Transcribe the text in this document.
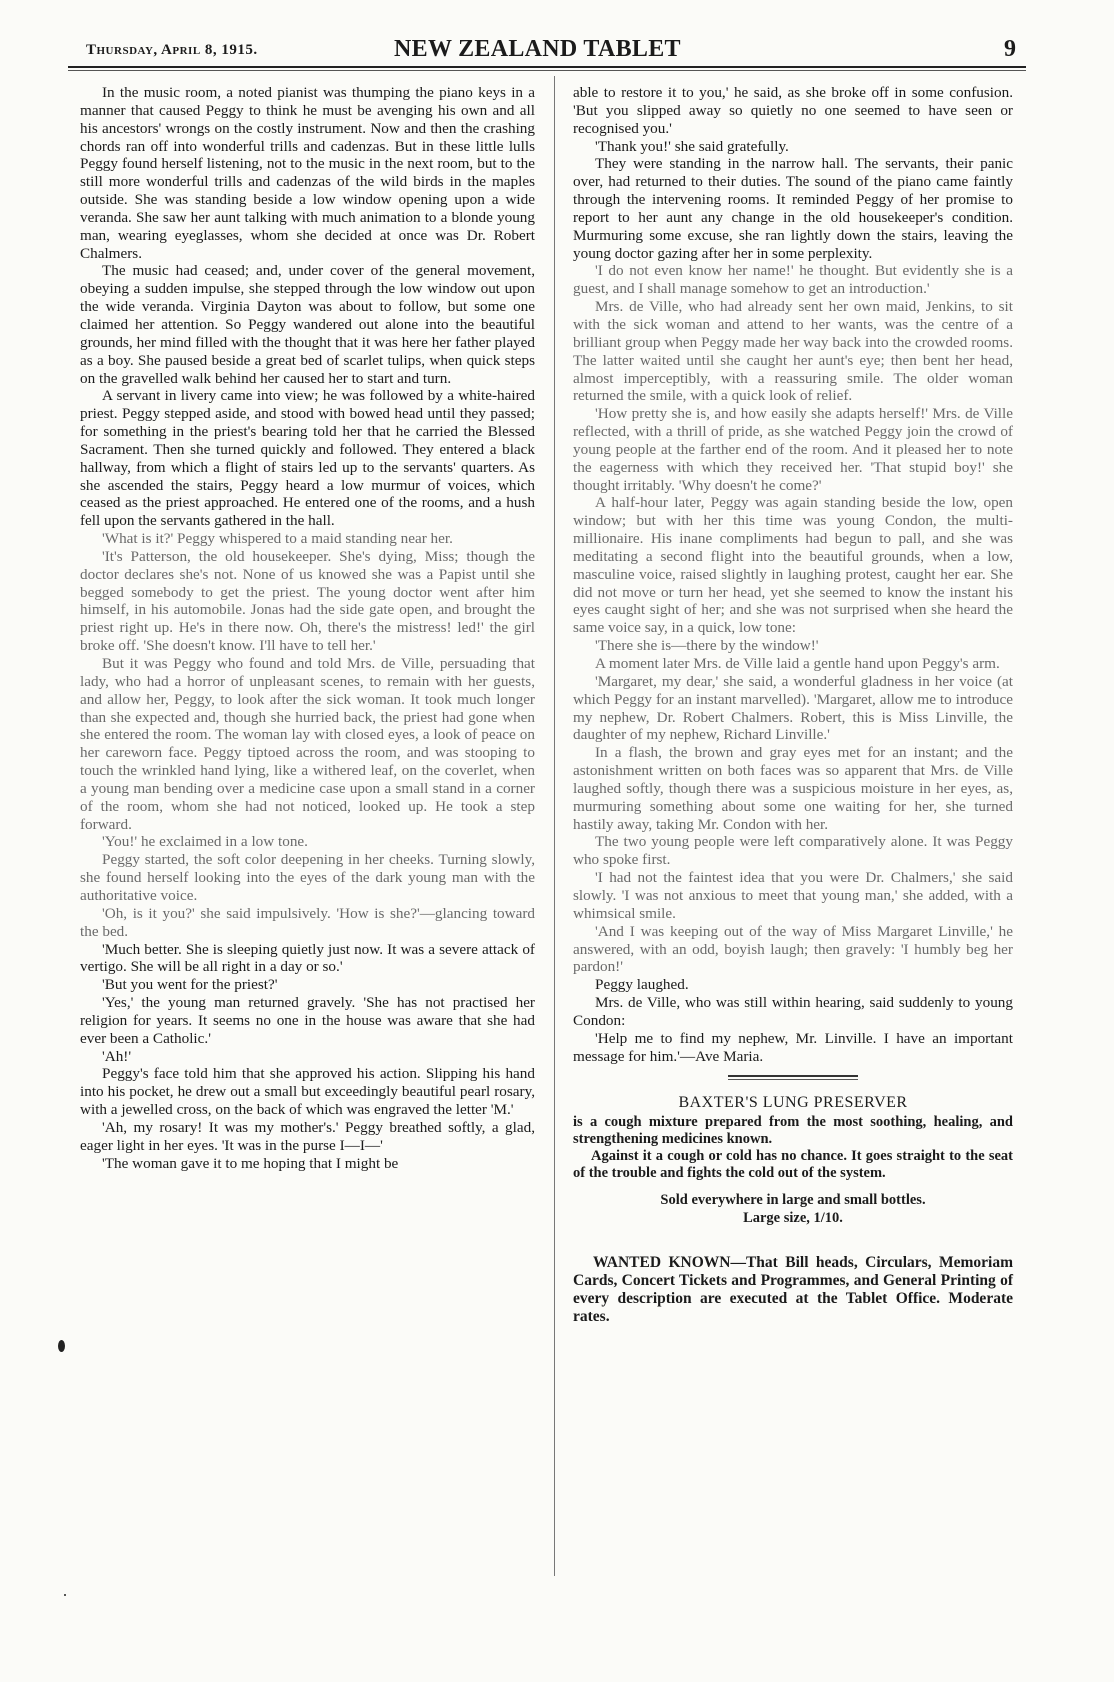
Thursday, April 8, 1915.	NEW ZEALAND TABLET	9

In the music room, a noted pianist was thumping the piano keys in a manner that caused Peggy to think he must be avenging his own and all his ancestors' wrongs on the costly instrument. Now and then the crashing chords ran off into wonderful trills and cadenzas. But in these little lulls Peggy found herself listening, not to the music in the next room, but to the still more wonderful trills and cadenzas of the wild birds in the maples outside. She was standing beside a low window opening upon a wide veranda. She saw her aunt talking with much animation to a blonde young man, wearing eyeglasses, whom she decided at once was Dr. Robert Chalmers.

The music had ceased; and, under cover of the general movement, obeying a sudden impulse, she stepped through the low window out upon the wide veranda. Virginia Dayton was about to follow, but some one claimed her attention. So Peggy wandered out alone into the beautiful grounds, her mind filled with the thought that it was here her father played as a boy. She paused beside a great bed of scarlet tulips, when quick steps on the gravelled walk behind her caused her to start and turn.

A servant in livery came into view; he was followed by a white-haired priest. Peggy stepped aside, and stood with bowed head until they passed; for something in the priest's bearing told her that he carried the Blessed Sacrament. Then she turned quickly and followed. They entered a black hallway, from which a flight of stairs led up to the servants' quarters. As she ascended the stairs, Peggy heard a low murmur of voices, which ceased as the priest approached. He entered one of the rooms, and a hush fell upon the servants gathered in the hall.

'What is it?' Peggy whispered to a maid standing near her.

'It's Patterson, the old housekeeper. She's dying, Miss; though the doctor declares she's not. None of us knowed she was a Papist until she begged somebody to get the priest. The young doctor went after him himself, in his automobile. Jonas had the side gate open, and brought the priest right up. He's in there now. Oh, there's the mistress! led!' the girl broke off. 'She doesn't know. I'll have to tell her.'

But it was Peggy who found and told Mrs. de Ville, persuading that lady, who had a horror of unpleasant scenes, to remain with her guests, and allow her, Peggy, to look after the sick woman. It took much longer than she expected and, though she hurried back, the priest had gone when she entered the room. The woman lay with closed eyes, a look of peace on her careworn face. Peggy tiptoed across the room, and was stooping to touch the wrinkled hand lying, like a withered leaf, on the coverlet, when a young man bending over a medicine case upon a small stand in a corner of the room, whom she had not noticed, looked up. He took a step forward.

'You!' he exclaimed in a low tone.

Peggy started, the soft color deepening in her cheeks. Turning slowly, she found herself looking into the eyes of the dark young man with the authoritative voice.

'Oh, is it you?' she said impulsively. 'How is she?'—glancing toward the bed.

'Much better. She is sleeping quietly just now. It was a severe attack of vertigo. She will be all right in a day or so.'

'But you went for the priest?'

'Yes,' the young man returned gravely. 'She has not practised her religion for years. It seems no one in the house was aware that she had ever been a Catholic.'

'Ah!'

Peggy's face told him that she approved his action. Slipping his hand into his pocket, he drew out a small but exceedingly beautiful pearl rosary, with a jewelled cross, on the back of which was engraved the letter 'M.'

'Ah, my rosary! It was my mother's.' Peggy breathed softly, a glad, eager light in her eyes. 'It was in the purse I—I—'

'The woman gave it to me hoping that I might be

able to restore it to you,' he said, as she broke off in some confusion. 'But you slipped away so quietly no one seemed to have seen or recognised you.'

'Thank you!' she said gratefully.

They were standing in the narrow hall. The servants, their panic over, had returned to their duties. The sound of the piano came faintly through the intervening rooms. It reminded Peggy of her promise to report to her aunt any change in the old housekeeper's condition. Murmuring some excuse, she ran lightly down the stairs, leaving the young doctor gazing after her in some perplexity.

'I do not even know her name!' he thought. But evidently she is a guest, and I shall manage somehow to get an introduction.'

Mrs. de Ville, who had already sent her own maid, Jenkins, to sit with the sick woman and attend to her wants, was the centre of a brilliant group when Peggy made her way back into the crowded rooms. The latter waited until she caught her aunt's eye; then bent her head, almost imperceptibly, with a reassuring smile. The older woman returned the smile, with a quick look of relief.

'How pretty she is, and how easily she adapts herself!' Mrs. de Ville reflected, with a thrill of pride, as she watched Peggy join the crowd of young people at the farther end of the room. And it pleased her to note the eagerness with which they received her. 'That stupid boy!' she thought irritably. 'Why doesn't he come?'

A half-hour later, Peggy was again standing beside the low, open window; but with her this time was young Condon, the multi-millionaire. His inane compliments had begun to pall, and she was meditating a second flight into the beautiful grounds, when a low, masculine voice, raised slightly in laughing protest, caught her ear. She did not move or turn her head, yet she seemed to know the instant his eyes caught sight of her; and she was not surprised when she heard the same voice say, in a quick, low tone:

'There she is—there by the window!'

A moment later Mrs. de Ville laid a gentle hand upon Peggy's arm.

'Margaret, my dear,' she said, a wonderful gladness in her voice (at which Peggy for an instant marvelled). 'Margaret, allow me to introduce my nephew, Dr. Robert Chalmers. Robert, this is Miss Linville, the daughter of my nephew, Richard Linville.'

In a flash, the brown and gray eyes met for an instant; and the astonishment written on both faces was so apparent that Mrs. de Ville laughed softly, though there was a suspicious moisture in her eyes, as, murmuring something about some one waiting for her, she turned hastily away, taking Mr. Condon with her.

The two young people were left comparatively alone. It was Peggy who spoke first.

'I had not the faintest idea that you were Dr. Chalmers,' she said slowly. 'I was not anxious to meet that young man,' she added, with a whimsical smile.

'And I was keeping out of the way of Miss Margaret Linville,' he answered, with an odd, boyish laugh; then gravely: 'I humbly beg her pardon!'

Peggy laughed.

Mrs. de Ville, who was still within hearing, said suddenly to young Condon:

'Help me to find my nephew, Mr. Linville. I have an important message for him.'—Ave Maria.

BAXTER'S LUNG PRESERVER

is a cough mixture prepared from the most soothing, healing, and strengthening medicines known.

Against it a cough or cold has no chance. It goes straight to the seat of the trouble and fights the cold out of the system.

Sold everywhere in large and small bottles.
Large size, 1/10.

WANTED KNOWN—That Bill heads, Circulars, Memoriam Cards, Concert Tickets and Programmes, and General Printing of every description are executed at the Tablet Office. Moderate rates.
